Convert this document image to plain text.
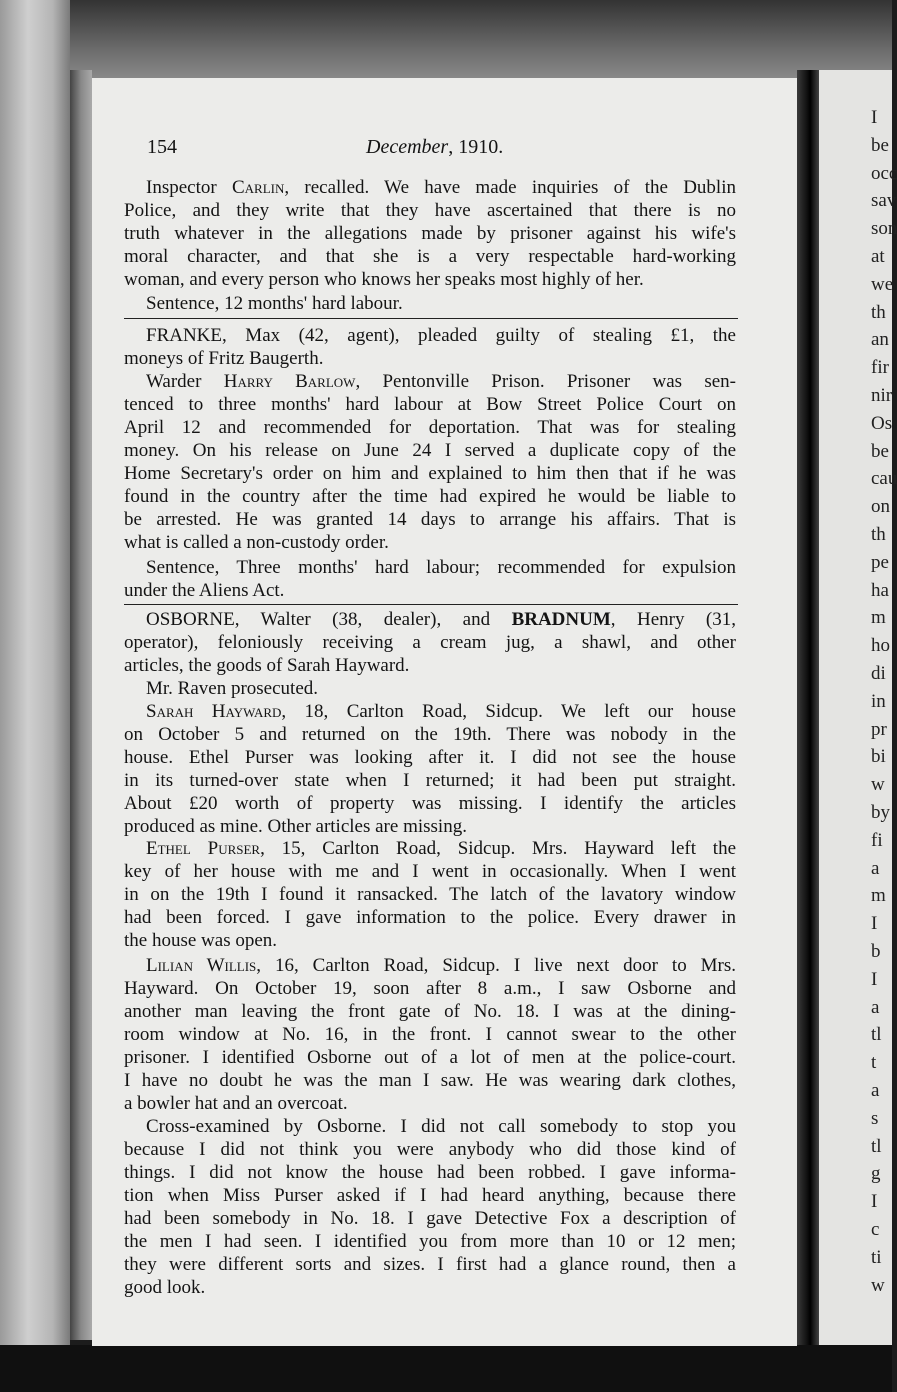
I
be
occ
sav
son
at
we
th
an
fir
nir
Os
be
cau
on
th
pe
ha
m
ho
di
in
pr
bi
w
by
fi
a
m
I
b
I
a
tl
t
a
s
tl
g
I
c
ti
w
154	December, 1910.
Inspector Carlin, recalled. We have made inquiries of the Dublin
Police, and they write that they have ascertained that there is no
truth whatever in the allegations made by prisoner against his wife's
moral character, and that she is a very respectable hard-working
woman, and every person who knows her speaks most highly of her.
Sentence, 12 months' hard labour.
FRANKE, Max (42, agent), pleaded guilty of stealing £1, the
moneys of Fritz Baugerth.
Warder Harry Barlow, Pentonville Prison. Prisoner was sen-
tenced to three months' hard labour at Bow Street Police Court on
April 12 and recommended for deportation. That was for stealing
money. On his release on June 24 I served a duplicate copy of the
Home Secretary's order on him and explained to him then that if he was
found in the country after the time had expired he would be liable to
be arrested. He was granted 14 days to arrange his affairs. That is
what is called a non-custody order.
Sentence, Three months' hard labour; recommended for expulsion
under the Aliens Act.
OSBORNE, Walter (38, dealer), and BRADNUM, Henry (31,
operator), feloniously receiving a cream jug, a shawl, and other
articles, the goods of Sarah Hayward.
Mr. Raven prosecuted.
Sarah Hayward, 18, Carlton Road, Sidcup. We left our house
on October 5 and returned on the 19th. There was nobody in the
house. Ethel Purser was looking after it. I did not see the house
in its turned-over state when I returned; it had been put straight.
About £20 worth of property was missing. I identify the articles
produced as mine. Other articles are missing.
Ethel Purser, 15, Carlton Road, Sidcup. Mrs. Hayward left the
key of her house with me and I went in occasionally. When I went
in on the 19th I found it ransacked. The latch of the lavatory window
had been forced. I gave information to the police. Every drawer in
the house was open.
Lilian Willis, 16, Carlton Road, Sidcup. I live next door to Mrs.
Hayward. On October 19, soon after 8 a.m., I saw Osborne and
another man leaving the front gate of No. 18. I was at the dining-
room window at No. 16, in the front. I cannot swear to the other
prisoner. I identified Osborne out of a lot of men at the police-court.
I have no doubt he was the man I saw. He was wearing dark clothes,
a bowler hat and an overcoat.
Cross-examined by Osborne. I did not call somebody to stop you
because I did not think you were anybody who did those kind of
things. I did not know the house had been robbed. I gave informa-
tion when Miss Purser asked if I had heard anything, because there
had been somebody in No. 18. I gave Detective Fox a description of
the men I had seen. I identified you from more than 10 or 12 men;
they were different sorts and sizes. I first had a glance round, then a
good look.
